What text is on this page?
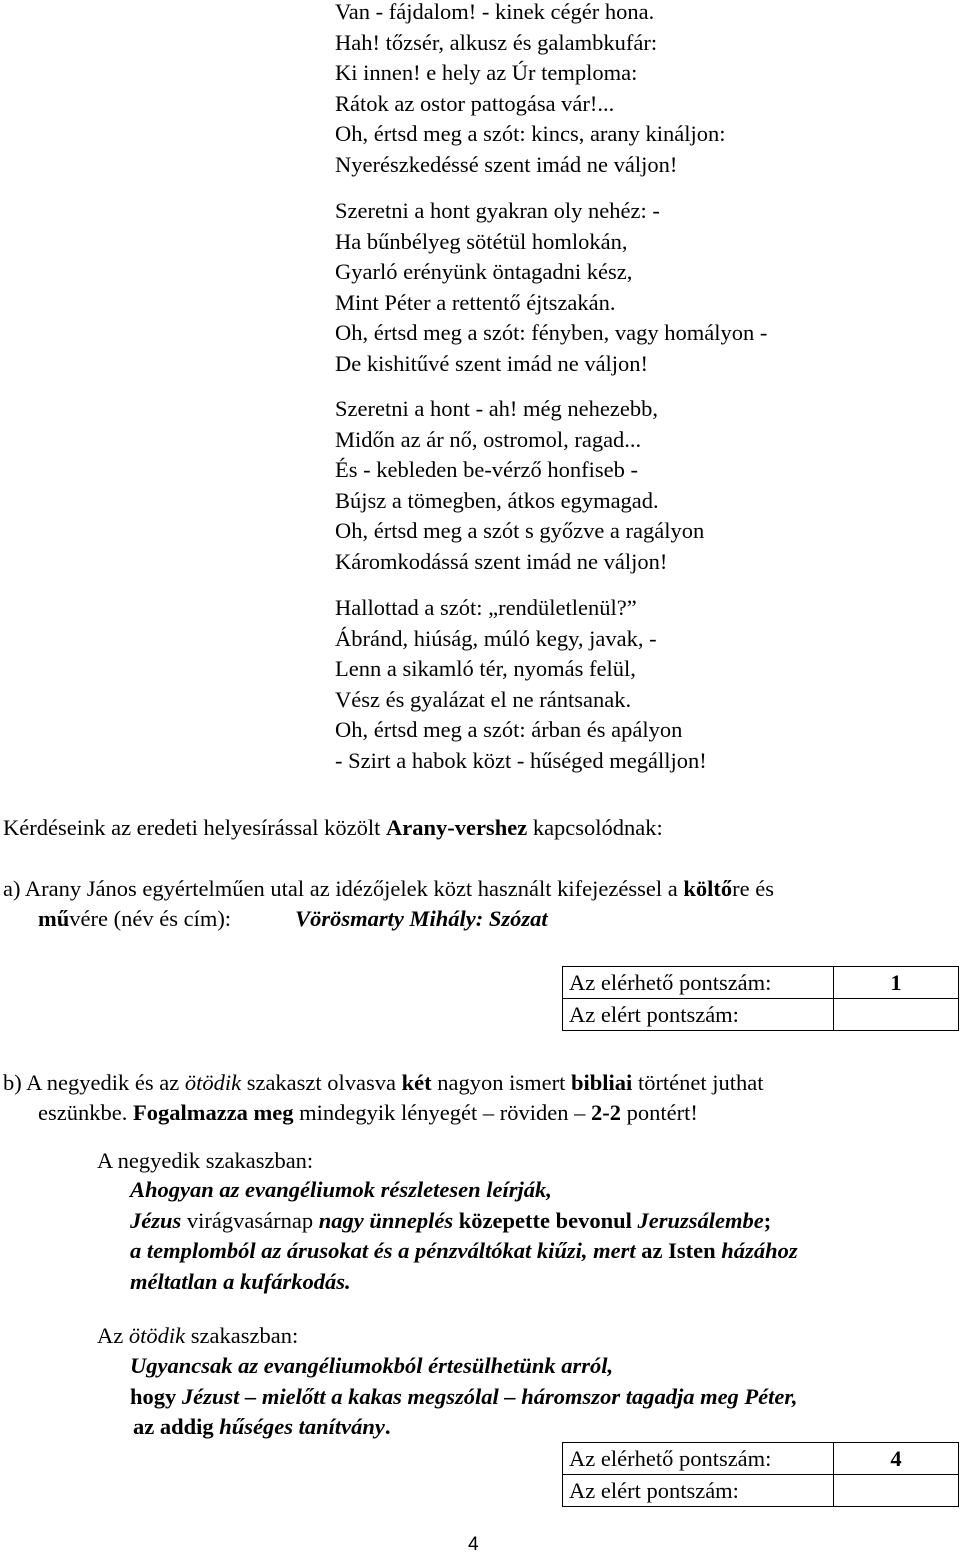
Van - fájdalom! - kinek cégér hona.
Hah! tőzsér, alkusz és galambkufár:
Ki innen! e hely az Úr temploma:
Rátok az ostor pattogása vár!...
Oh, értsd meg a szót: kincs, arany kináljon:
Nyerészkedéssé szent imád ne váljon!
Szeretni a hont gyakran oly nehéz: -
Ha bűnbélyeg sötétül homlokán,
Gyarló erényünk öntagadni kész,
Mint Péter a rettentő éjtszakán.
Oh, értsd meg a szót: fényben, vagy homályon -
De kishitűvé szent imád ne váljon!
Szeretni a hont - ah! még nehezebb,
Midőn az ár nő, ostromol, ragad...
És - kebleden be-vérző honfiseb -
Bújsz a tömegben, átkos egymagad.
Oh, értsd meg a szót s győzve a ragályon
Káromkodássá szent imád ne váljon!
Hallottad a szót: „rendületlenül?”
Ábránd, hiúság, múló kegy, javak, -
Lenn a sikamló tér, nyomás felül,
Vész és gyalázat el ne rántsanak.
Oh, értsd meg a szót: árban és apályon
- Szirt a habok közt - hűséged megálljon!
Kérdéseink az eredeti helyesírással közölt Arany-vershez kapcsolódnak:
a) Arany János egyértelműen utal az idézőjelek közt használt kifejezéssel a költőre és
művére (név és cím):	Vörösmarty Mihály: Szózat
Az elérhető pontszám:	1
Az elért pontszám:	
b) A negyedik és az ötödik szakaszt olvasva két nagyon ismert bibliai történet juthat
eszünkbe. Fogalmazza meg mindegyik lényegét – röviden – 2-2 pontért!
A negyedik szakaszban:
Ahogyan az evangéliumok részletesen leírják,
Jézus virágvasárnap nagy ünneplés közepette bevonul Jeruzsálembe;
a templomból az árusokat és a pénzváltókat kiűzi, mert az Isten házához
méltatlan a kufárkodás.
Az ötödik szakaszban:
Ugyancsak az evangéliumokból értesülhetünk arról,
hogy Jézust – mielőtt a kakas megszólal – háromszor tagadja meg Péter,
az addig hűséges tanítvány.
Az elérhető pontszám:	4
Az elért pontszám:	
4
